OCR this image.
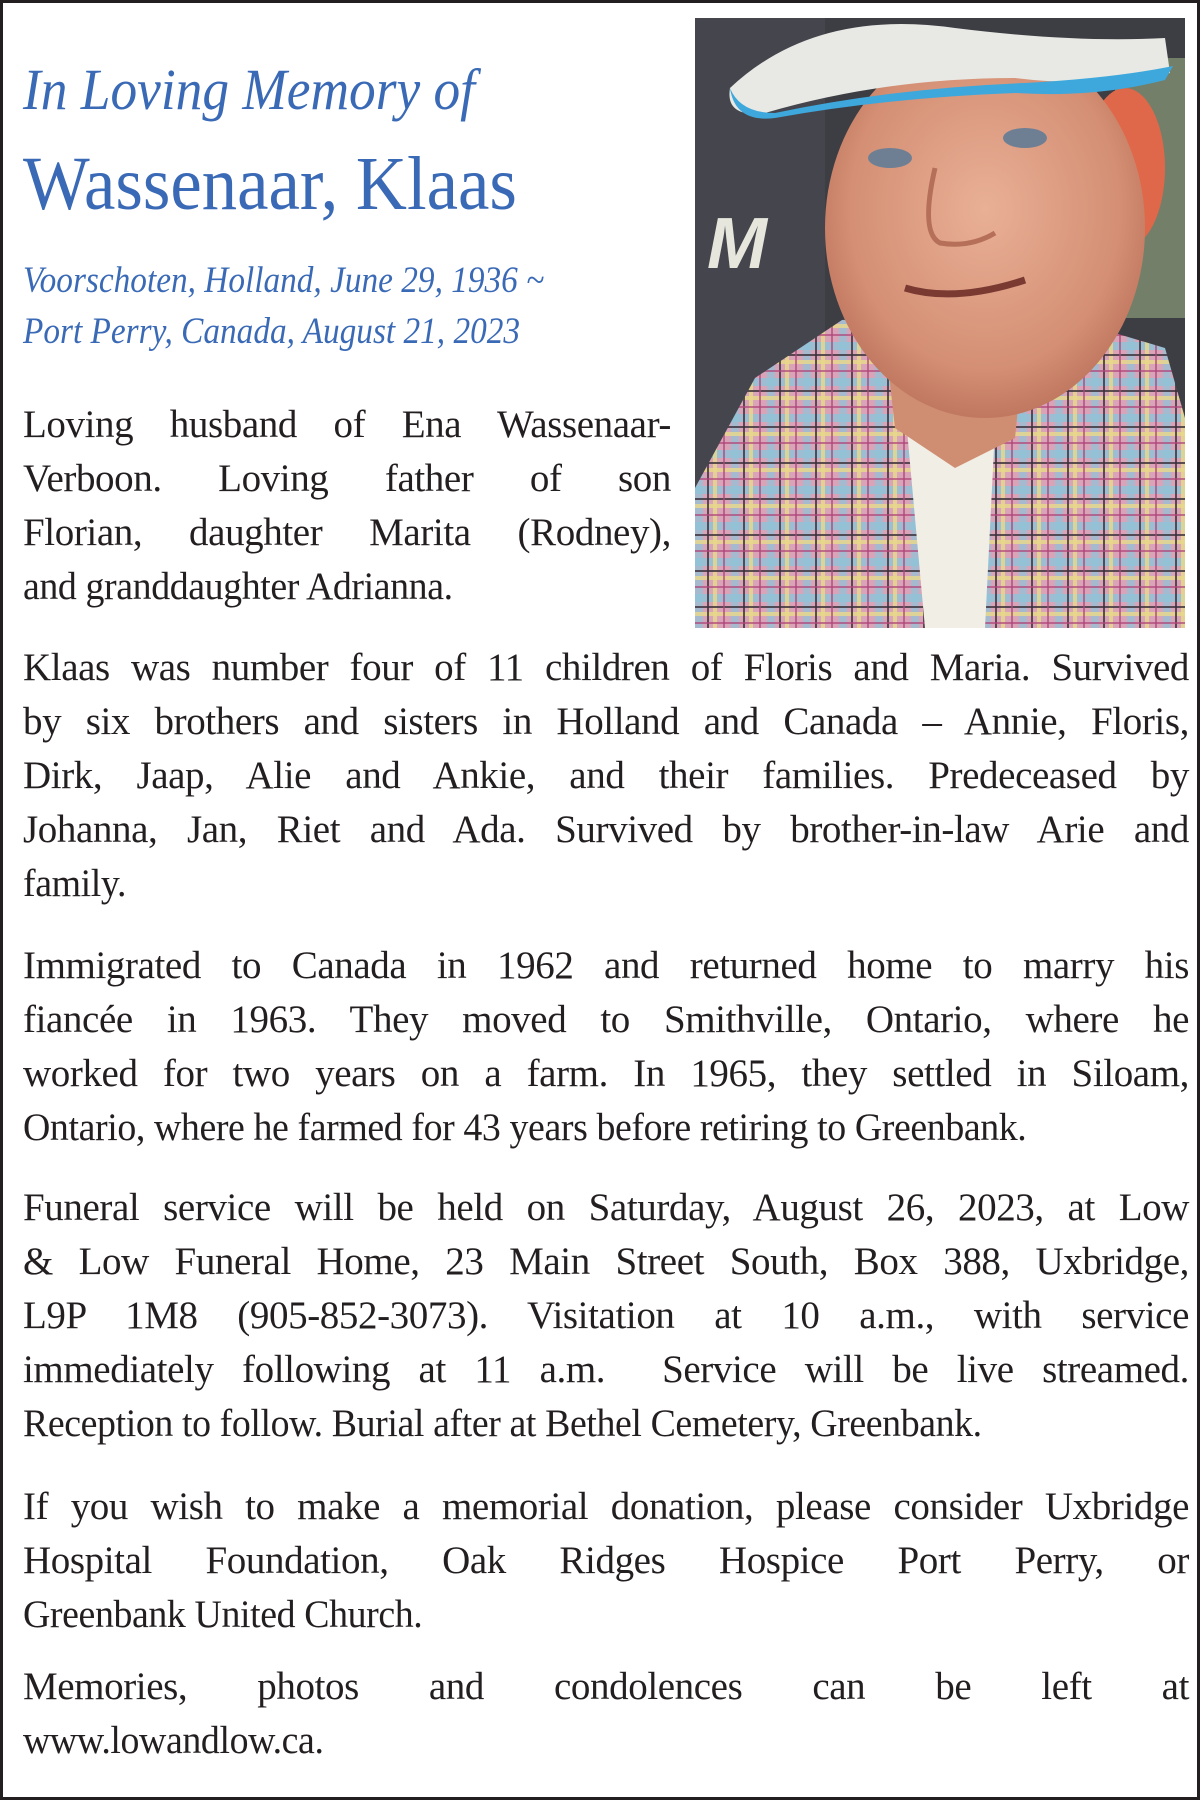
In Loving Memory of
Wassenaar, Klaas
Voorschoten, Holland, June 29, 1936 ~
Port Perry, Canada, August 21, 2023
M
Loving husband of Ena Wassenaar-
Verboon. Loving father of son
Florian, daughter Marita (Rodney),
and granddaughter Adrianna.
Klaas was number four of 11 children of Floris and Maria. Survived
by six brothers and sisters in Holland and Canada – Annie, Floris,
Dirk, Jaap, Alie and Ankie, and their families. Predeceased by
Johanna, Jan, Riet and Ada. Survived by brother-in-law Arie and
family.
Immigrated to Canada in 1962 and returned home to marry his
fiancée in 1963. They moved to Smithville, Ontario, where he
worked for two years on a farm. In 1965, they settled in Siloam,
Ontario, where he farmed for 43 years before retiring to Greenbank.
Funeral service will be held on Saturday, August 26, 2023, at Low
& Low Funeral Home, 23 Main Street South, Box 388, Uxbridge,
L9P 1M8 (905-852-3073). Visitation at 10 a.m., with service
immediately following at 11 a.m.  Service will be live streamed.
Reception to follow. Burial after at Bethel Cemetery, Greenbank.
If you wish to make a memorial donation, please consider Uxbridge
Hospital Foundation, Oak Ridges Hospice Port Perry, or
Greenbank United Church.
Memories, photos and condolences can be left at
www.lowandlow.ca.
